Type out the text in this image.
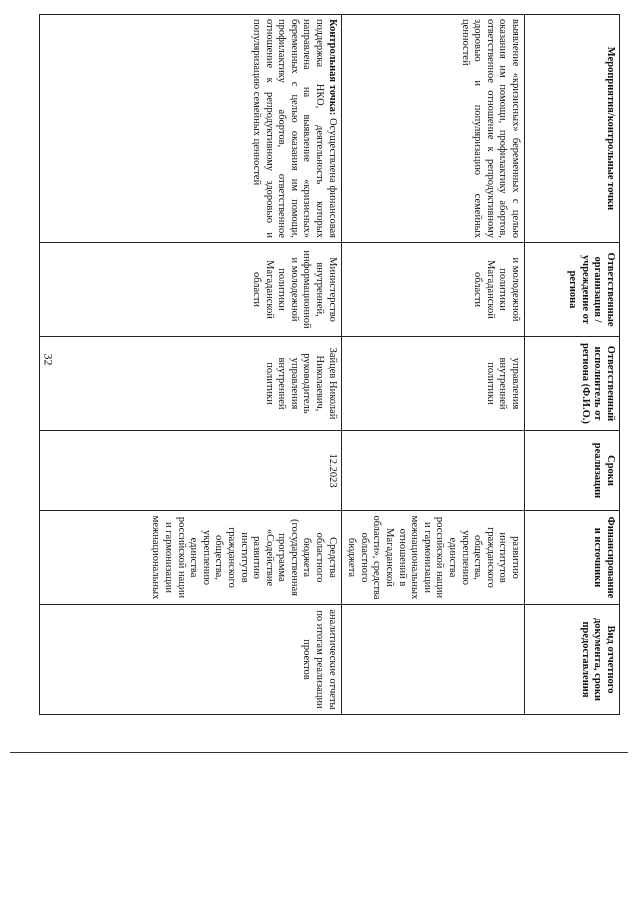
32
Мероприятия/контрольные точки	Ответственные организация / учреждение от региона	Ответственный исполнитель от региона (Ф.И.О.)	Сроки реализации	Финансирование и источники	Вид отчетного документа, сроки предоставления
выявление «кризисных» беременных с целью оказания им помощи, профилактику абортов, ответственное отношение к репродуктивному здоровью и популяризацию семейных ценностей	и молодежной политики Магаданской области	управления внутренней политики		развитию институтов гражданского общества, укреплению единства российской нации и гармонизации межнациональных отношений в Магаданской области», средства областного бюджета	
Контрольная точка: Осуществлена финансовая поддержка НКО, деятельность которых направлена на выявление «кризисных» беременных с целью оказания им помощи, профилактику абортов, ответственное отношение к репродуктивному здоровью и популяризацию семейных ценностей	Министерство внутренней, информационной и молодежной политики Магаданской области	Зайцев Николай Николаевич, руководитель управления внутренней политики	12.2023	Средства областного бюджета (государственная программа «Содействие развитию институтов гражданского общества, укреплению единства российской нации и гармонизации межнациональных	аналитические отчеты по итогам реализации проектов
